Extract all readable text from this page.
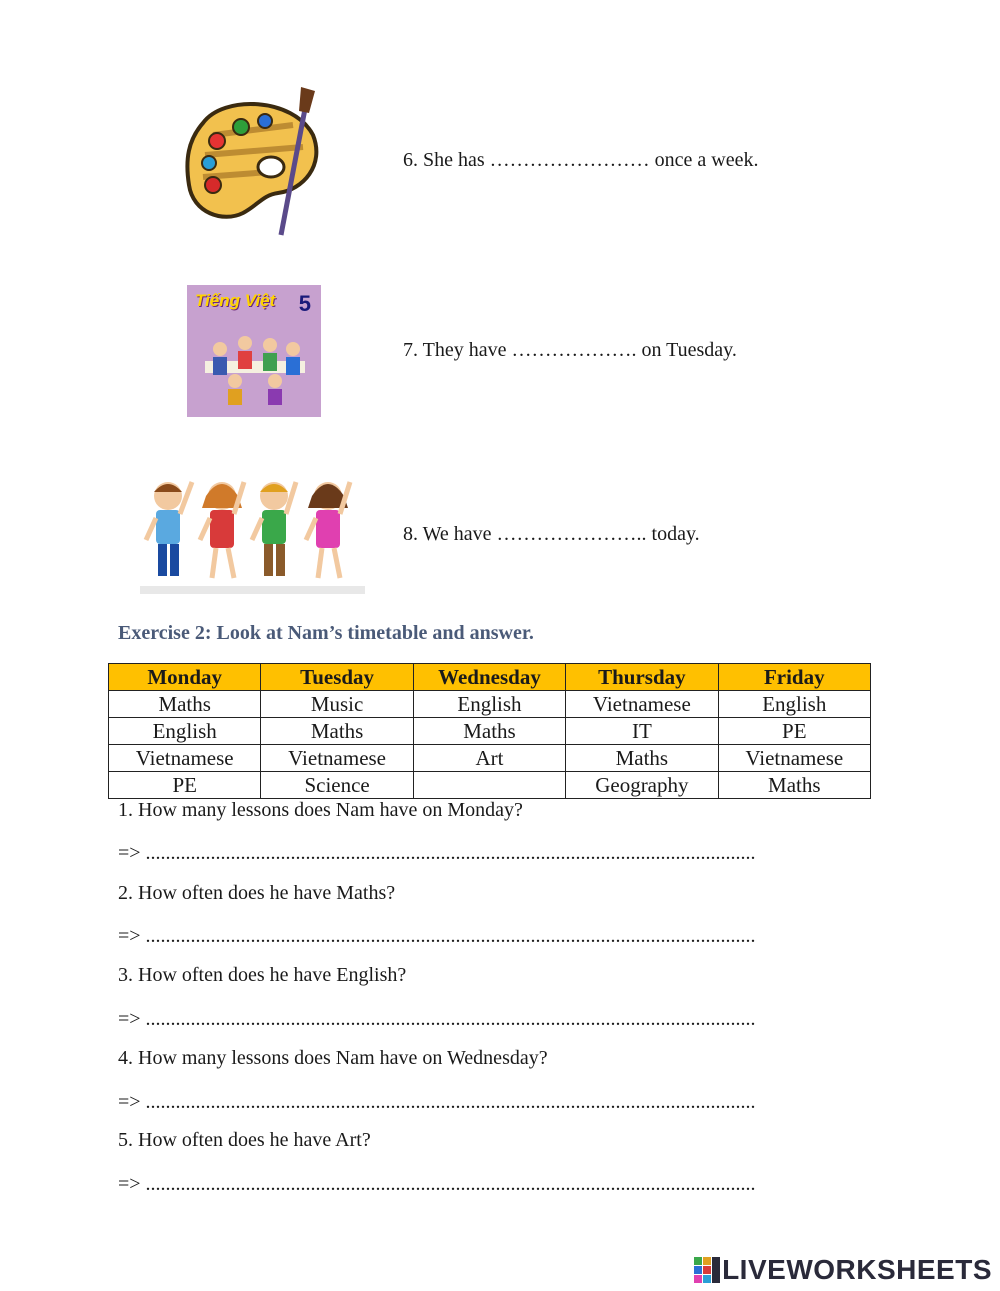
6. She has …………………… once a week.
Tiếng Việt 5
7. They have ………………. on Tuesday.
8. We have ………………….. today.
Exercise 2: Look at Nam’s timetable and answer.
Monday	Tuesday	Wednesday	Thursday	Friday
Maths	Music	English	Vietnamese	English
English	Maths	Maths	IT	PE
Vietnamese	Vietnamese	Art	Maths	Vietnamese
PE	Science		Geography	Maths
1. How many lessons does Nam have on Monday?
=> ..........................................................................................................................
2. How often does he have Maths?
=> ..........................................................................................................................
3. How often does he have English?
=> ..........................................................................................................................
4. How many lessons does Nam have on Wednesday?
=> ..........................................................................................................................
5. How often does he have Art?
=> ..........................................................................................................................
LIVEWORKSHEETS
